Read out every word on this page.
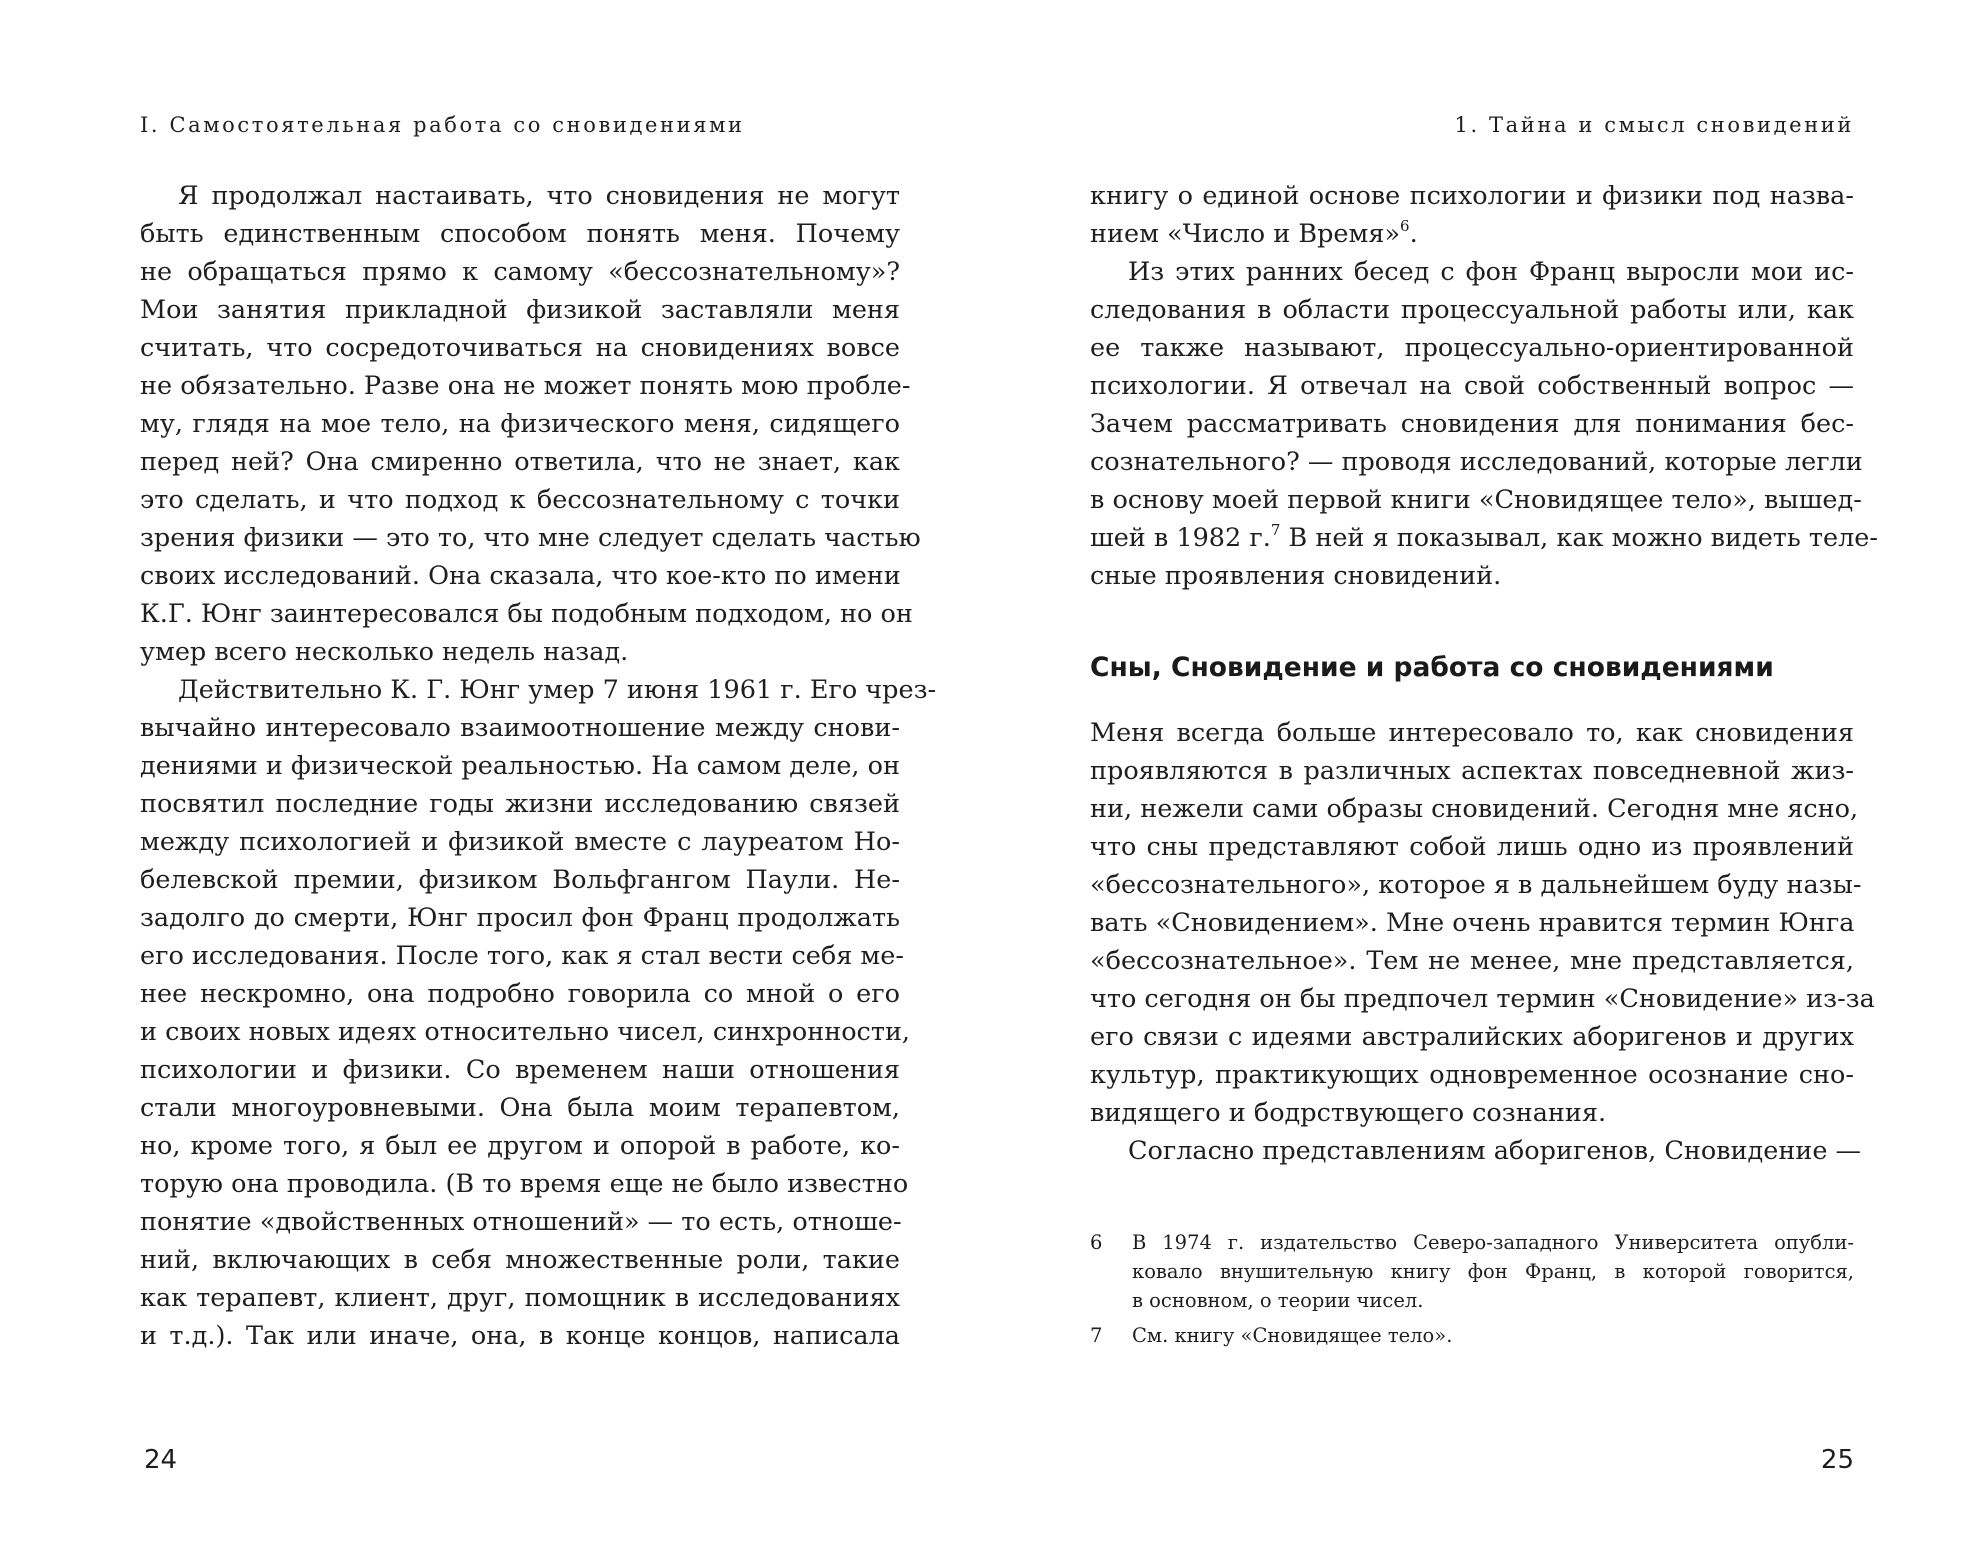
I. Самостоятельная работа со сновидениями
Я продолжал настаивать, что сновидения не могут
быть единственным способом понять меня. Почему
не обращаться прямо к самому «бессознательному»?
Мои занятия прикладной физикой заставляли меня
считать, что сосредоточиваться на сновидениях вовсе
не обязательно. Разве она не может понять мою пробле-
му, глядя на мое тело, на физического меня, сидящего
перед ней? Она смиренно ответила, что не знает, как
это сделать, и что подход к бессознательному с точки
зрения физики — это то, что мне следует сделать частью
своих исследований. Она сказала, что кое-кто по имени
К.Г. Юнг заинтересовался бы подобным подходом, но он
умер всего несколько недель назад.
Действительно К. Г. Юнг умер 7 июня 1961 г. Его чрез-
вычайно интересовало взаимоотношение между снови-
дениями и физической реальностью. На самом деле, он
посвятил последние годы жизни исследованию связей
между психологией и физикой вместе с лауреатом Но-
белевской премии, физиком Вольфгангом Паули. Не-
задолго до смерти, Юнг просил фон Франц продолжать
его исследования. После того, как я стал вести себя ме-
нее нескромно, она подробно говорила со мной о его
и своих новых идеях относительно чисел, синхронности,
психологии и физики. Со временем наши отношения
стали многоуровневыми. Она была моим терапевтом,
но, кроме того, я был ее другом и опорой в работе, ко-
торую она проводила. (В то время еще не было известно
понятие «двойственных отношений» — то есть, отноше-
ний, включающих в себя множественные роли, такие
как терапевт, клиент, друг, помощник в исследованиях
и т.д.). Так или иначе, она, в конце концов, написала
24
1. Тайна и смысл сновидений
книгу о единой основе психологии и физики под назва-
нием «Число и Время»$^6$.
Из этих ранних бесед с фон Франц выросли мои ис-
следования в области процессуальной работы или, как
ее также называют, процессуально-ориентированной
психологии. Я отвечал на свой собственный вопрос —
Зачем рассматривать сновидения для понимания бес-
сознательного? — проводя исследований, которые легли
в основу моей первой книги «Сновидящее тело», вышед-
шей в 1982 г.$^7$ В ней я показывал, как можно видеть теле-
сные проявления сновидений.
Сны, Сновидение и работа со сновидениями
Меня всегда больше интересовало то, как сновидения
проявляются в различных аспектах повседневной жиз-
ни, нежели сами образы сновидений. Сегодня мне ясно,
что сны представляют собой лишь одно из проявлений
«бессознательного», которое я в дальнейшем буду назы-
вать «Сновидением». Мне очень нравится термин Юнга
«бессознательное». Тем не менее, мне представляется,
что сегодня он бы предпочел термин «Сновидение» из-за
его связи с идеями австралийских аборигенов и других
культур, практикующих одновременное осознание сно-
видящего и бодрствующего сознания.
Согласно представлениям аборигенов, Сновидение —
6 В 1974 г. издательство Северо-западного Университета опубли-
ковало внушительную книгу фон Франц, в которой говорится,
в основном, о теории чисел.
7 См. книгу «Сновидящее тело».
25
